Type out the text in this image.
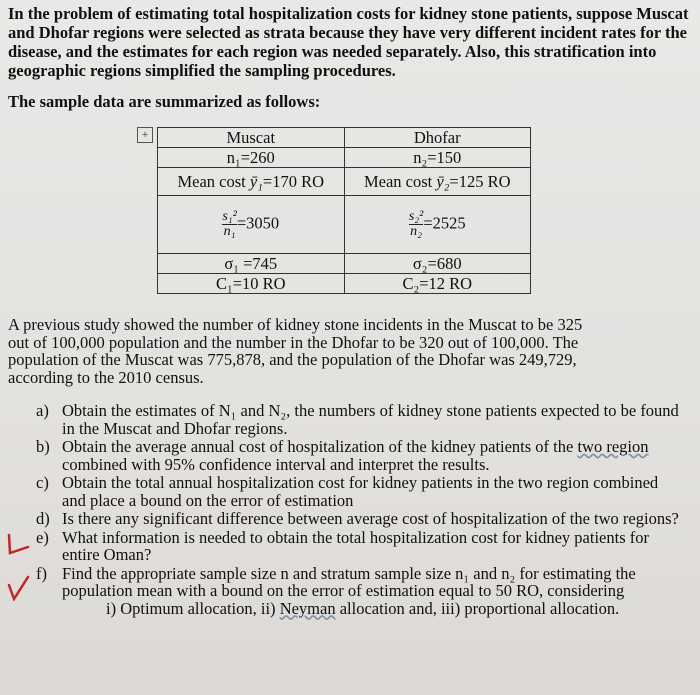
In the problem of estimating total hospitalization costs for kidney stone patients, suppose Muscat and Dhofar regions were selected as strata because they have very different incident rates for the disease, and the estimates for each region was needed separately. Also, this stratification into geographic regions simplified the sampling procedures.

The sample data are summarized as follows:

+	Muscat	Dhofar
n₁=260	n₂=150
Mean cost ȳ₁=170 RO	Mean cost ȳ₂=125 RO

$\frac{\text{s₁²}}{\text{n₁}} =3050$	$\frac{\text{s₂²}}{\text{n₂}} =2525$
σ₁ =745	σ₂=680
C₁=10 RO	C₂=12 RO

A previous study showed the number of kidney stone incidents in the Muscat to be 325 out of 100,000 population and the number in the Dhofar to be 320 out of 100,000. The population of the Muscat was 775,878, and the population of the Dhofar was 249,729, according to the 2010 census.

a) Obtain the estimates of N₁ and N₂, the numbers of kidney stone patients expected to be found in the Muscat and Dhofar regions.
b) Obtain the average annual cost of hospitalization of the kidney patients of the two region combined with 95% confidence interval and interpret the results.
c) Obtain the total annual hospitalization cost for kidney patients in the two region combined and place a bound on the error of estimation
d) Is there any significant difference between average cost of hospitalization of the two regions?
e) What information is needed to obtain the total hospitalization cost for kidney patients for entire Oman?
f) Find the appropriate sample size n and stratum sample size n₁ and n₂ for estimating the population mean with a bound on the error of estimation equal to 50 RO, considering
i) Optimum allocation, ii) Neyman allocation and, iii) proportional allocation.
